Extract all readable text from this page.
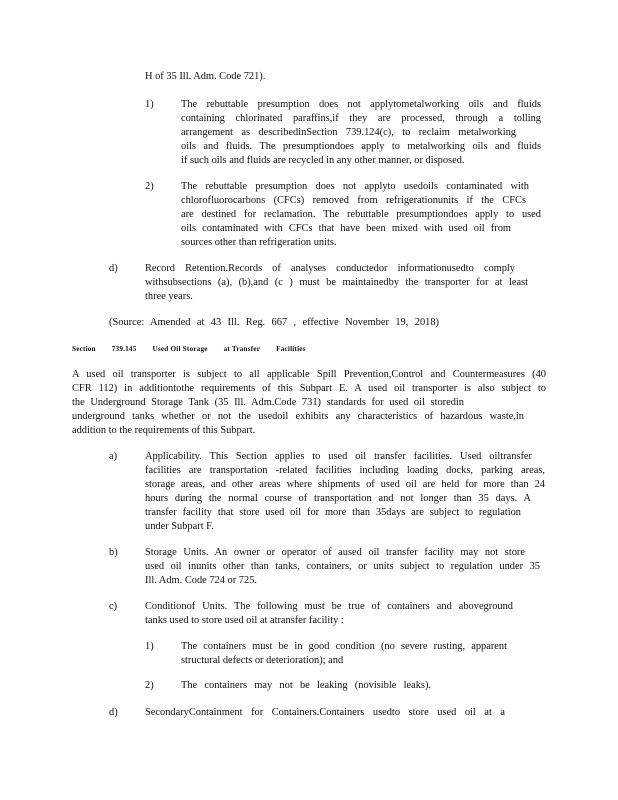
H of 35 Ill. Adm. Code 721).
1)	The rebuttable presumption does not applytometalworking oils and fluids
containing chlorinated paraffins,if they are processed, through a tolling
arrangement as describedinSection 739.124(c), to reclaim metalworking
oils and fluids. The presumptiondoes apply to metalworking oils and fluids
if such oils and fluids are recycled in any other manner, or disposed.
2)	The rebuttable presumption does not applyto usedoils contaminated with
chlorofluorocarbons (CFCs) removed from refrigerationunits if the CFCs
are destined for reclamation. The rebuttable presumptiondoes apply to used
oils contaminated with CFCs that have been mixed with used oil from
sources other than refrigeration units.
d)	Record Retention.Records of analyses conductedor informationusedto comply
withsubsections (a), (b),and (c ) must be maintainedby the transporter for at least
three years.
(Source: Amended at 43 Ill. Reg. 667 , effective November 19, 2018)
Section 739.145 Used Oil Storage at Transfer Facilities
A used oil transporter is subject to all applicable Spill Prevention,Control and Countermeasures (40
CFR 112) in additiontothe requirements of this Subpart E. A used oil transporter is also subject to
the Underground Storage Tank (35 Ill. Adm.Code 731) standards for used oil storedin
underground tanks whether or not the usedoil exhibits any characteristics of hazardous waste,in
addition to the requirements of this Subpart.
a)	Applicability. This Section applies to used oil transfer facilities. Used oiltransfer
facilities are transportation -related facilities including loading docks, parking areas,
storage areas, and other areas where shipments of used oil are held for more than 24
hours during the normal course of transportation and not longer than 35 days. A
transfer facility that store used oil for more than 35days are subject to regulation
under Subpart F.
b)	Storage Units. An owner or operator of aused oil transfer facility may not store
used oil inunits other than tanks, containers, or units subject to regulation under 35
Ill. Adm. Code 724 or 725.
c)	Conditionof Units. The following must be true of containers and aboveground
tanks used to store used oil at atransfer facility :
1)	The containers must be in good condition (no severe rusting, apparent
structural defects or deterioration); and
2)	The containers may not be leaking (novisible leaks).
d)	SecondaryContainment for Containers.Containers usedto store used oil at a
